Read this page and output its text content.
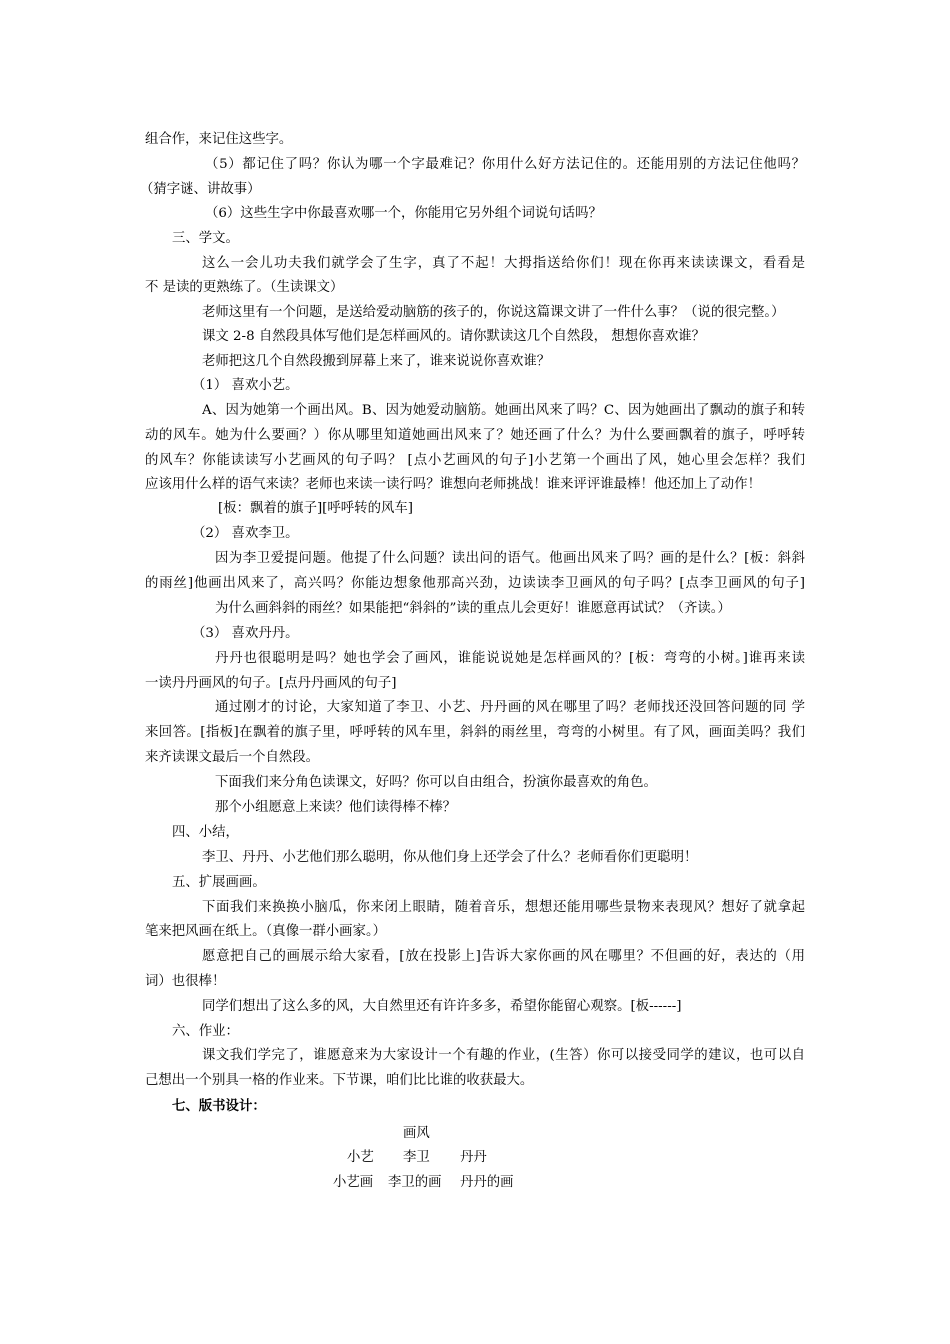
组合作，来记住这些字。
（5）都记住了吗？你认为哪一个字最难记？你用什么好方法记住的。还能用别的方法记住他吗？
（猜字谜、讲故事）
（6）这些生字中你最喜欢哪一个，你能用它另外组个词说句话吗？
三、学文。
这么一会儿功夫我们就学会了生字，真了不起！大拇指送给你们！现在你再来读读课文，看看是
不 是读的更熟练了。（生读课文）
老师这里有一个问题，是送给爱动脑筋的孩子的，你说这篇课文讲了一件什么事？（说的很完整。）
课文 2-8 自然段具体写他们是怎样画风的。请你默读这几个自然段， 想想你喜欢谁？
老师把这几个自然段搬到屏幕上来了，谁来说说你喜欢谁？
（1） 喜欢小艺。
A、因为她第一个画出风。B、因为她爱动脑筋。她画出风来了吗？C、因为她画出了飘动的旗子和转
动的风车。她为什么要画？）你从哪里知道她画出风来了？她还画了什么？为什么要画飘着的旗子，呼呼转
的风车？你能读读写小艺画风的句子吗？ [点小艺画风的句子]小艺第一个画出了风，她心里会怎样？我们
应该用什么样的语气来读？老师也来读一读行吗？谁想向老师挑战！谁来评评谁最棒！他还加上了动作！
[板：飘着的旗子][呼呼转的风车]
（2） 喜欢李卫。
因为李卫爱提问题。他提了什么问题？读出问的语气。他画出风来了吗？画的是什么？[板：斜斜
的雨丝]他画出风来了，高兴吗？你能边想象他那高兴劲，边读读李卫画风的句子吗？[点李卫画风的句子]
为什么画斜斜的雨丝？如果能把“斜斜的”读的重点儿会更好！谁愿意再试试？（齐读。）
（3） 喜欢丹丹。
丹丹也很聪明是吗？她也学会了画风，谁能说说她是怎样画风的？[板：弯弯的小树。]谁再来读
一读丹丹画风的句子。[点丹丹画风的句子]
通过刚才的讨论，大家知道了李卫、小艺、丹丹画的风在哪里了吗？老师找还没回答问题的同 学
来回答。[指板]在飘着的旗子里，呼呼转的风车里，斜斜的雨丝里，弯弯的小树里。有了风，画面美吗？我们
来齐读课文最后一个自然段。
下面我们来分角色读课文，好吗？你可以自由组合，扮演你最喜欢的角色。
那个小组愿意上来读？他们读得棒不棒？
四、小结，
李卫、丹丹、小艺他们那么聪明，你从他们身上还学会了什么？老师看你们更聪明！
五、扩展画画。
下面我们来换换小脑瓜，你来闭上眼睛，随着音乐，想想还能用哪些景物来表现风？想好了就拿起
笔来把风画在纸上。（真像一群小画家。）
愿意把自己的画展示给大家看，[放在投影上]告诉大家你画的风在哪里？不但画的好，表达的（用
词）也很棒！
同学们想出了这么多的风，大自然里还有许许多多，希望你能留心观察。[板------]
六、作业：
课文我们学完了，谁愿意来为大家设计一个有趣的作业，(生答）你可以接受同学的建议，也可以自
己想出一个别具一格的作业来。下节课，咱们比比谁的收获最大。
七、版书设计：
画风
小艺 李卫 丹丹
小艺画 李卫的画 丹丹的画
